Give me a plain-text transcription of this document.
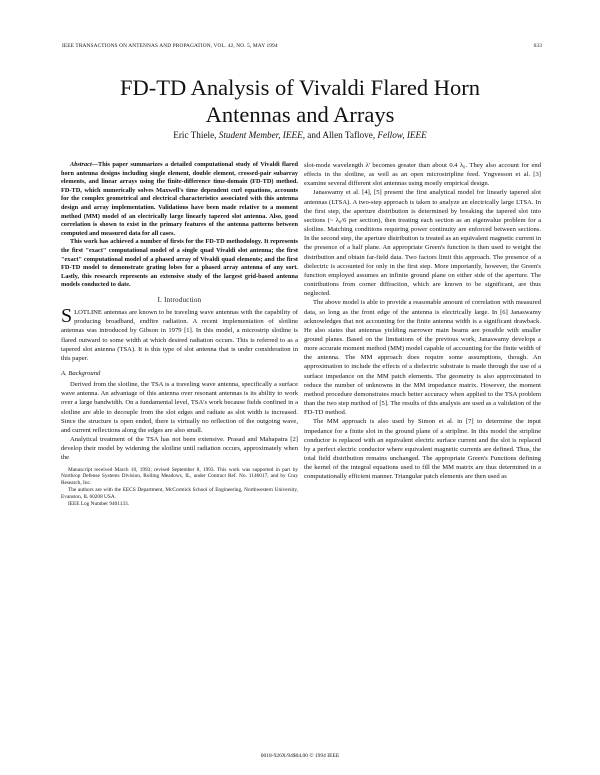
IEEE TRANSACTIONS ON ANTENNAS AND PROPAGATION, VOL. 42, NO. 5, MAY 1994	633
FD-TD Analysis of Vivaldi Flared Horn
Antennas and Arrays
Eric Thiele, Student Member, IEEE, and Allen Taflove, Fellow, IEEE

Abstract—This paper summarizes a detailed computational study of Vivaldi flared horn antenna designs including single element, double element, crossed-pair subarray elements, and linear arrays using the finite-difference time-domain (FD-TD) method. FD-TD, which numerically solves Maxwell's time dependent curl equations, accounts for the complex geometrical and electrical characteristics associated with this antenna design and array implementation. Validations have been made relative to a moment method (MM) model of an electrically large linearly tapered slot antenna. Also, good correlation is shown to exist in the primary features of the antenna patterns between computed and measured data for all cases.

This work has achieved a number of firsts for the FD-TD methodology. It represents the first "exact" computational model of a single quad Vivaldi slot antenna; the first "exact" computational model of a phased array of Vivaldi quad elements; and the first FD-TD model to demonstrate grating lobes for a phased array antenna of any sort. Lastly, this research represents an extensive study of the largest grid-based antenna models conducted to date.

I. Introduction

SLOTLINE antennas are known to be traveling wave antennas with the capability of producing broadband, endfire radiation. A recent implementation of slotline antennas was introduced by Gibson in 1979 [1]. In this model, a microstrip slotline is flared outward to some width at which desired radiation occurs. This is referred to as a tapered slot antenna (TSA). It is this type of slot antenna that is under consideration in this paper.

A. Background

Derived from the slotline, the TSA is a traveling wave antenna, specifically a surface wave antenna. An advantage of this antenna over resonant antennas is its ability to work over a large bandwidth. On a fundamental level, TSA's work because fields confined in a slotline are able to decouple from the slot edges and radiate as slot width is increased. Since the structure is open ended, there is virtually no reflection of the outgoing wave, and current reflections along the edges are also small.

Analytical treatment of the TSA has not been extensive. Prasad and Mahapatra [2] develop their model by widening the slotline until radiation occurs, approximately when the

Manuscript received March 10, 1993; revised September 8, 1993. This work was supported in part by Northrop Defense Systems Division, Rolling Meadows, IL, under Contract Ref. No. 1146017, and by Cray Research, Inc.

The authors are with the EECS Department, McCormick School of Engineering, Northwestern University, Evanston, IL 60208 USA.

IEEE Log Number 9401133.

slot-mode wavelength λ' becomes greater than about 0.4 λ₀. They also account for end effects in the slotline, as well as an open microstripline feed. Yngvesson et al. [3] examine several different slot antennas using mostly empirical design.

Janaswamy et al. [4], [5] present the first analytical model for linearly tapered slot antennas (LTSA). A two-step approach is taken to analyze an electrically large LTSA. In the first step, the aperture distribution is determined by breaking the tapered slot into sections (~ λ₀/6 per section), then treating each section as an eigenvalue problem for a slotline. Matching conditions requiring power continuity are enforced between sections. In the second step, the aperture distribution is treated as an equivalent magnetic current in the presence of a half plane. An appropriate Green's function is then used to weight the distribution and obtain far-field data. Two factors limit this approach. The presence of a dielectric is accounted for only in the first step. More importantly, however, the Green's function employed assumes an infinite ground plane on either side of the aperture. The contributions from corner diffraction, which are known to be significant, are thus neglected.

The above model is able to provide a reasonable amount of correlation with measured data, so long as the front edge of the antenna is electrically large. In [6] Janaswamy acknowledges that not accounting for the finite antenna width is a significant drawback. He also states that antennas yielding narrower main beams are possible with smaller ground planes. Based on the limitations of the previous work, Janaswamy develops a more accurate moment method (MM) model capable of accounting for the finite width of the antenna. The MM approach does require some assumptions, though. An approximation to include the effects of a dielectric substrate is made through the use of a surface impedance on the MM patch elements. The geometry is also approximated to reduce the number of unknowns in the MM impedance matrix. However, the moment method procedure demonstrates much better accuracy when applied to the TSA problem than the two step method of [5]. The results of this analysis are used as a validation of the FD-TD method.

The MM approach is also used by Simon et al. in [7] to determine the input impedance for a finite slot in the ground plane of a stripline. In this model the stripline conductor is replaced with an equivalent electric surface current and the slot is replaced by a perfect electric conductor where equivalent magnetic currents are defined. Thus, the total field distribution remains unchanged. The appropriate Green's Functions defining the kernel of the integral equations used to fill the MM matrix are thus determined in a computationally efficient manner. Triangular patch elements are then used as

0018-926X/94$04.00 © 1994 IEEE
